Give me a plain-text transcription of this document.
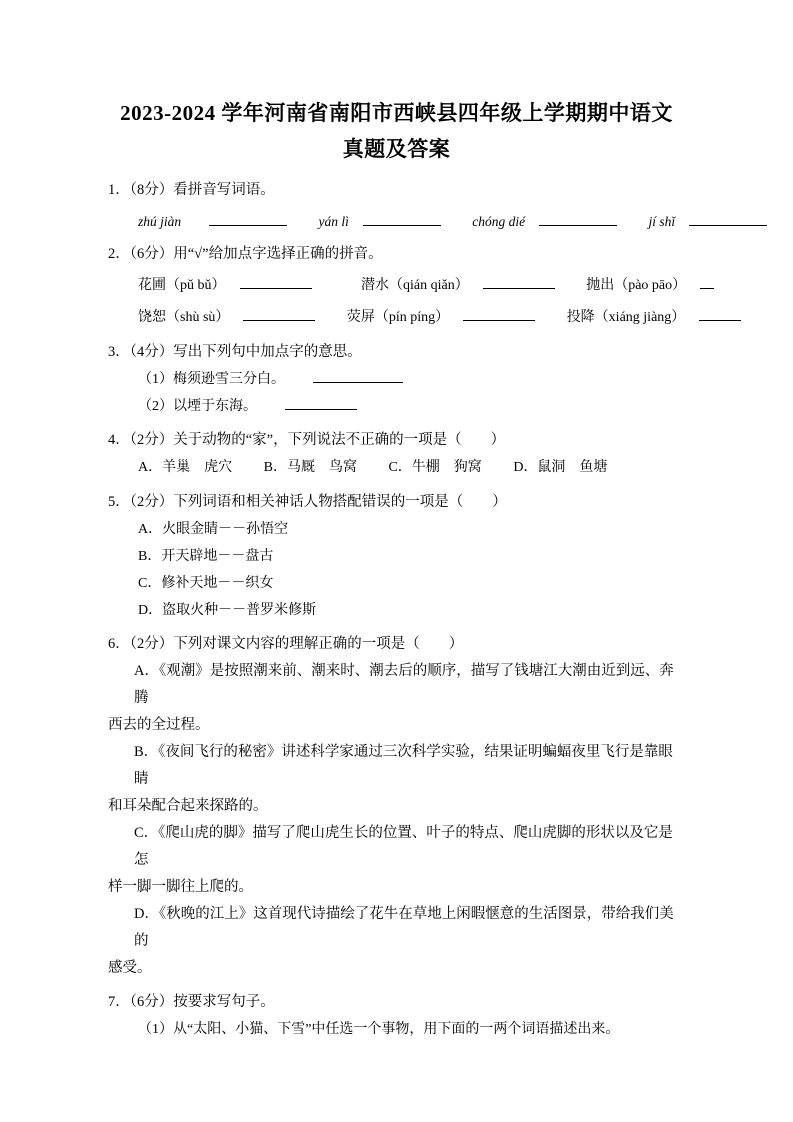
2023-2024 学年河南省南阳市西峡县四年级上学期期中语文
真题及答案
1．（8分）看拼音写词语。
zhú jiàn	yán lì	chóng dié	jí shǐ
2．（6分）用“√”给加点字选择正确的拼音。
花圃（pǔ bǔ）	潜水（qián qiǎn）	抛出（pào pāo）
饶恕（shù sù）	荧屏（pín píng）	投降（xiáng jiàng）
3．（4分）写出下列句中加点字的意思。
（1）梅须逊雪三分白。
（2）以堙于东海。
4．（2分）关于动物的“家”，下列说法不正确的一项是（　　）
A．羊巢　虎穴 B．马厩　鸟窝 C．牛棚　狗窝 D．鼠洞　鱼塘
5．（2分）下列词语和相关神话人物搭配错误的一项是（　　）
A．火眼金睛－－孙悟空
B．开天辟地－－盘古
C．修补天地－－织女
D．盗取火种－－普罗米修斯
6．（2分）下列对课文内容的理解正确的一项是（　　）
A．《观潮》是按照潮来前、潮来时、潮去后的顺序，描写了钱塘江大潮由近到远、奔腾
西去的全过程。
B．《夜间飞行的秘密》讲述科学家通过三次科学实验，结果证明蝙蝠夜里飞行是靠眼睛
和耳朵配合起来探路的。
C．《爬山虎的脚》描写了爬山虎生长的位置、叶子的特点、爬山虎脚的形状以及它是怎
样一脚一脚往上爬的。
D．《秋晚的江上》这首现代诗描绘了花牛在草地上闲暇惬意的生活图景，带给我们美的
感受。
7．（6分）按要求写句子。
（1）从“太阳、小猫、下雪”中任选一个事物，用下面的一两个词语描述出来。
